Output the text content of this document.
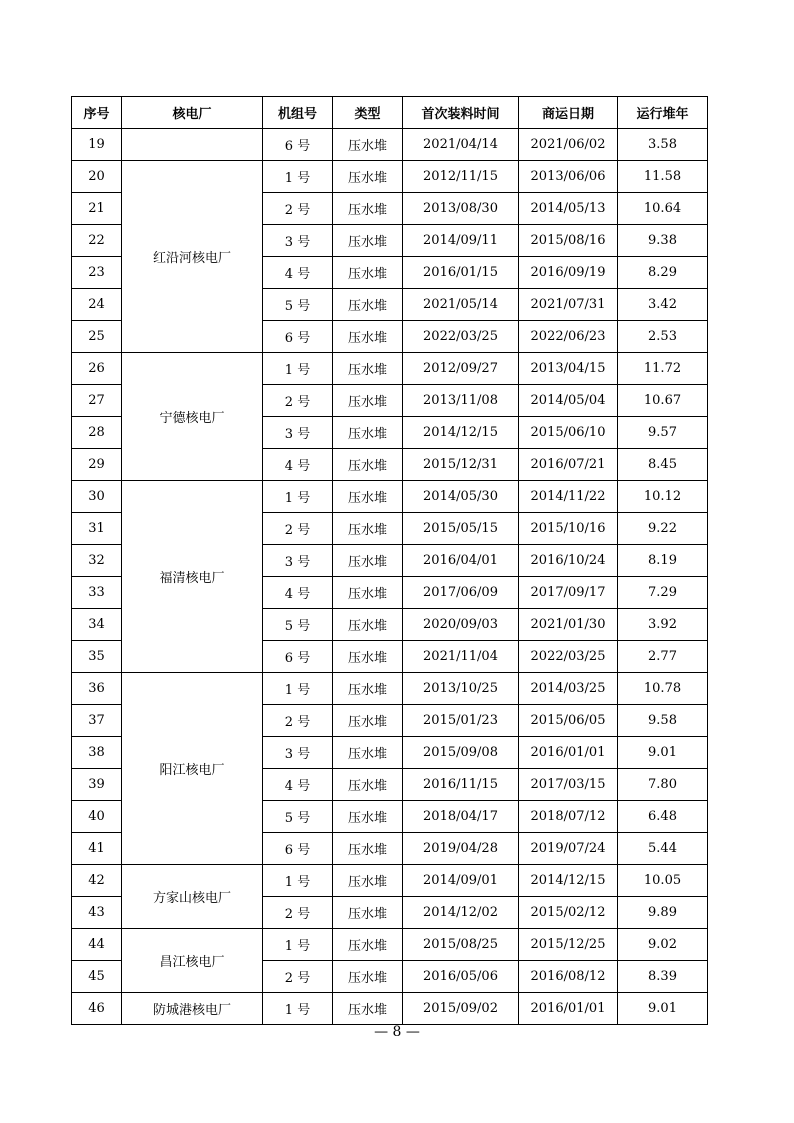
序号	核电厂	机组号	类型	首次装料时间	商运日期	运行堆年
19		6 号	压水堆	2021/04/14	2021/06/02	3.58
20	红沿河核电厂	1 号	压水堆	2012/11/15	2013/06/06	11.58
21		2 号	压水堆	2013/08/30	2014/05/13	10.64
22		3 号	压水堆	2014/09/11	2015/08/16	9.38
23		4 号	压水堆	2016/01/15	2016/09/19	8.29
24		5 号	压水堆	2021/05/14	2021/07/31	3.42
25		6 号	压水堆	2022/03/25	2022/06/23	2.53
26	宁德核电厂	1 号	压水堆	2012/09/27	2013/04/15	11.72
27		2 号	压水堆	2013/11/08	2014/05/04	10.67
28		3 号	压水堆	2014/12/15	2015/06/10	9.57
29		4 号	压水堆	2015/12/31	2016/07/21	8.45
30	福清核电厂	1 号	压水堆	2014/05/30	2014/11/22	10.12
31		2 号	压水堆	2015/05/15	2015/10/16	9.22
32		3 号	压水堆	2016/04/01	2016/10/24	8.19
33		4 号	压水堆	2017/06/09	2017/09/17	7.29
34		5 号	压水堆	2020/09/03	2021/01/30	3.92
35		6 号	压水堆	2021/11/04	2022/03/25	2.77
36	阳江核电厂	1 号	压水堆	2013/10/25	2014/03/25	10.78
37		2 号	压水堆	2015/01/23	2015/06/05	9.58
38		3 号	压水堆	2015/09/08	2016/01/01	9.01
39		4 号	压水堆	2016/11/15	2017/03/15	7.80
40		5 号	压水堆	2018/04/17	2018/07/12	6.48
41		6 号	压水堆	2019/04/28	2019/07/24	5.44
42	方家山核电厂	1 号	压水堆	2014/09/01	2014/12/15	10.05
43		2 号	压水堆	2014/12/02	2015/02/12	9.89
44	昌江核电厂	1 号	压水堆	2015/08/25	2015/12/25	9.02
45		2 号	压水堆	2016/05/06	2016/08/12	8.39
46	防城港核电厂	1 号	压水堆	2015/09/02	2016/01/01	9.01
— 8 —
